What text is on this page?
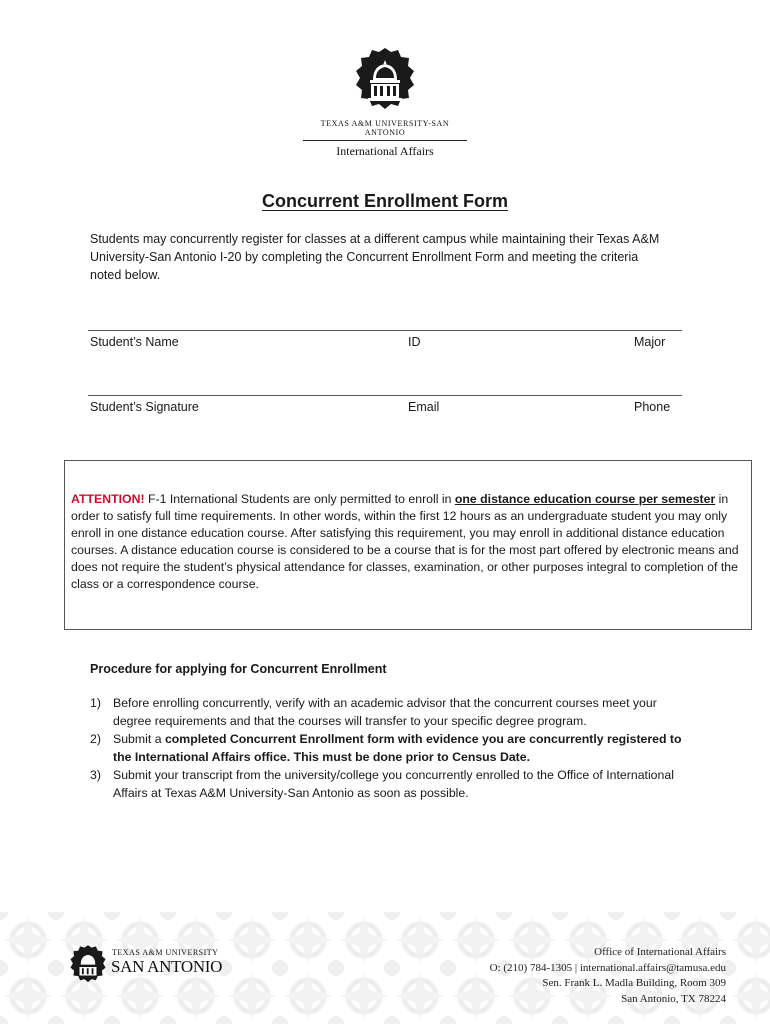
TEXAS A&M UNIVERSITY-SAN ANTONIO
International Affairs
Concurrent Enrollment Form
Students may concurrently register for classes at a different campus while maintaining their Texas A&M University-San Antonio I-20 by completing the Concurrent Enrollment Form and meeting the criteria noted below.
Student’s Name	ID	Major
Student’s Signature	Email	Phone
ATTENTION! F-1 International Students are only permitted to enroll in one distance education course per semester in order to satisfy full time requirements. In other words, within the first 12 hours as an undergraduate student you may only enroll in one distance education course. After satisfying this requirement, you may enroll in additional distance education courses. A distance education course is considered to be a course that is for the most part offered by electronic means and does not require the student’s physical attendance for classes, examination, or other purposes integral to completion of the class or a correspondence course.
Procedure for applying for Concurrent Enrollment
1) Before enrolling concurrently, verify with an academic advisor that the concurrent courses meet your degree requirements and that the courses will transfer to your specific degree program.
2) Submit a completed Concurrent Enrollment form with evidence you are concurrently registered to the International Affairs office. This must be done prior to Census Date.
3) Submit your transcript from the university/college you concurrently enrolled to the Office of International Affairs at Texas A&M University-San Antonio as soon as possible.
TEXAS A&M UNIVERSITY
SAN ANTONIO
Office of International Affairs
O: (210) 784-1305 | international.affairs@tamusa.edu
Sen. Frank L. Madla Building, Room 309
San Antonio, TX 78224
